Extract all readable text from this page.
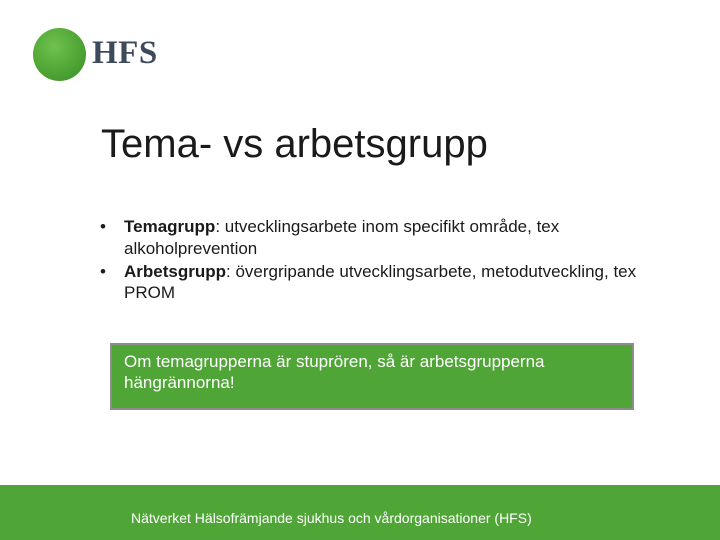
HFS
Tema- vs arbetsgrupp
• Temagrupp: utvecklingsarbete inom specifikt område, tex alkoholprevention
• Arbetsgrupp: övergripande utvecklingsarbete, metodutveckling, tex PROM

Om temagrupperna är stuprören, så är arbetsgrupperna hängrännorna!

Nätverket Hälsofrämjande sjukhus och vårdorganisationer (HFS)
